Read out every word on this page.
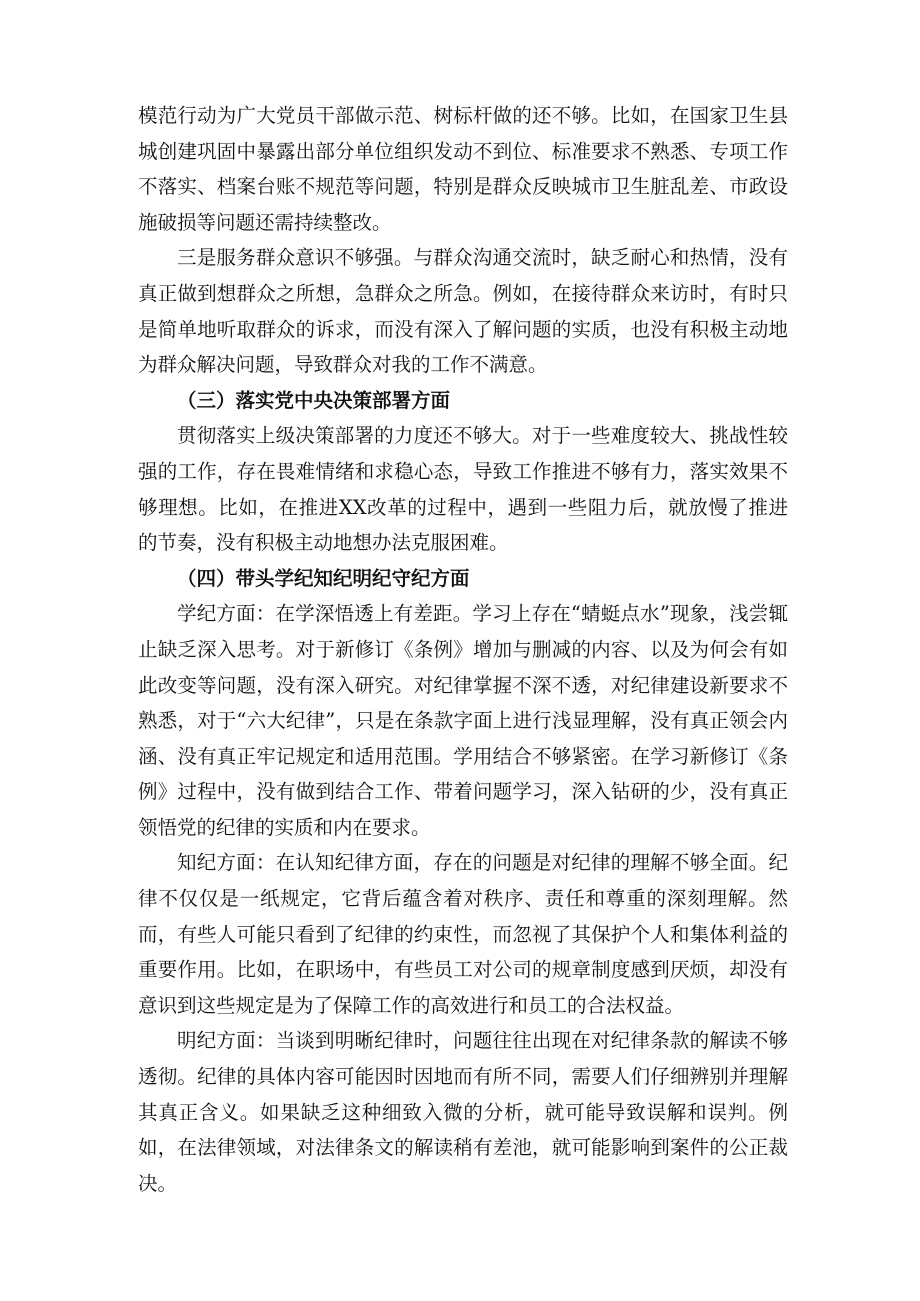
模范行动为广大党员干部做示范、树标杆做的还不够。比如，在国家卫生县城创建巩固中暴露出部分单位组织发动不到位、标准要求不熟悉、专项工作不落实、档案台账不规范等问题，特别是群众反映城市卫生脏乱差、市政设施破损等问题还需持续整改。

三是服务群众意识不够强。与群众沟通交流时，缺乏耐心和热情，没有真正做到想群众之所想，急群众之所急。例如，在接待群众来访时，有时只是简单地听取群众的诉求，而没有深入了解问题的实质，也没有积极主动地为群众解决问题，导致群众对我的工作不满意。

（三）落实党中央决策部署方面

贯彻落实上级决策部署的力度还不够大。对于一些难度较大、挑战性较强的工作，存在畏难情绪和求稳心态，导致工作推进不够有力，落实效果不够理想。比如，在推进XX改革的过程中，遇到一些阻力后，就放慢了推进的节奏，没有积极主动地想办法克服困难。

（四）带头学纪知纪明纪守纪方面

学纪方面：在学深悟透上有差距。学习上存在“蜻蜓点水”现象，浅尝辄止缺乏深入思考。对于新修订《条例》增加与删减的内容、以及为何会有如此改变等问题，没有深入研究。对纪律掌握不深不透，对纪律建设新要求不熟悉，对于“六大纪律”，只是在条款字面上进行浅显理解，没有真正领会内涵、没有真正牢记规定和适用范围。学用结合不够紧密。在学习新修订《条例》过程中，没有做到结合工作、带着问题学习，深入钻研的少，没有真正领悟党的纪律的实质和内在要求。

知纪方面：在认知纪律方面，存在的问题是对纪律的理解不够全面。纪律不仅仅是一纸规定，它背后蕴含着对秩序、责任和尊重的深刻理解。然而，有些人可能只看到了纪律的约束性，而忽视了其保护个人和集体利益的重要作用。比如，在职场中，有些员工对公司的规章制度感到厌烦，却没有意识到这些规定是为了保障工作的高效进行和员工的合法权益。

明纪方面：当谈到明晰纪律时，问题往往出现在对纪律条款的解读不够透彻。纪律的具体内容可能因时因地而有所不同，需要人们仔细辨别并理解其真正含义。如果缺乏这种细致入微的分析，就可能导致误解和误判。例如，在法律领域，对法律条文的解读稍有差池，就可能影响到案件的公正裁决。
